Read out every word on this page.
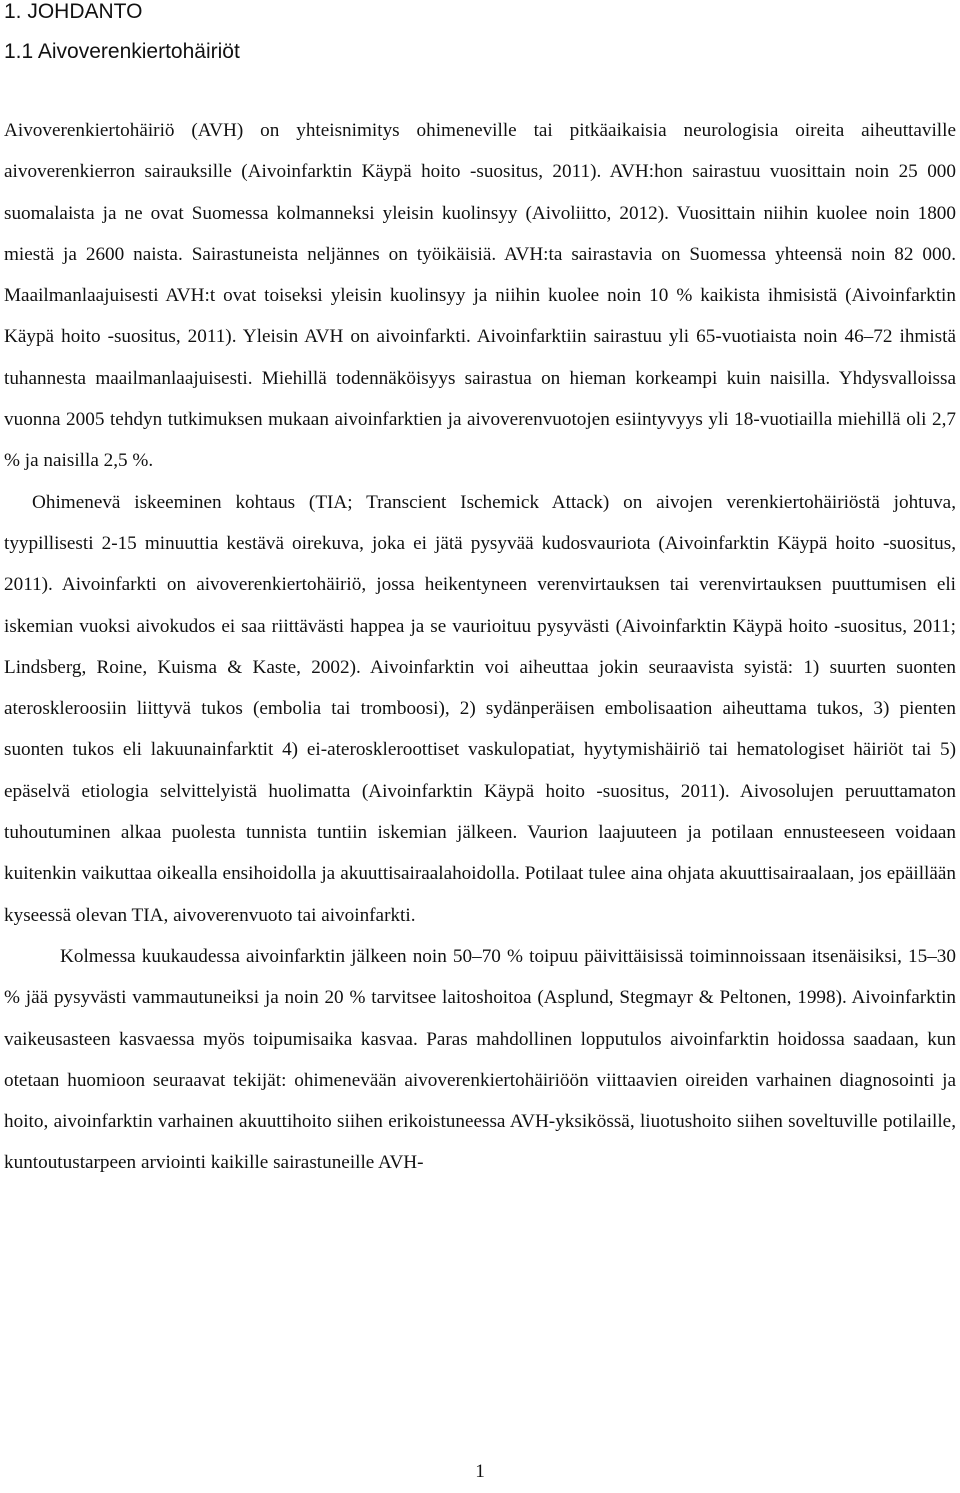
1. JOHDANTO
1.1 Aivoverenkiertohäiriöt

Aivoverenkiertohäiriö (AVH) on yhteisnimitys ohimeneville tai pitkäaikaisia neurologisia oireita aiheuttaville aivoverenkierron sairauksille (Aivoinfarktin Käypä hoito -suositus, 2011). AVH:hon sairastuu vuosittain noin 25 000 suomalaista ja ne ovat Suomessa kolmanneksi yleisin kuolinsyy (Aivoliitto, 2012). Vuosittain niihin kuolee noin 1800 miestä ja 2600 naista. Sairastuneista neljännes on työikäisiä. AVH:ta sairastavia on Suomessa yhteensä noin 82 000. Maailmanlaajuisesti AVH:t ovat toiseksi yleisin kuolinsyy ja niihin kuolee noin 10 % kaikista ihmisistä (Aivoinfarktin Käypä hoito -suositus, 2011). Yleisin AVH on aivoinfarkti. Aivoinfarktiin sairastuu yli 65-vuotiaista noin 46–72 ihmistä tuhannesta maailmanlaajuisesti. Miehillä todennäköisyys sairastua on hieman korkeampi kuin naisilla. Yhdysvalloissa vuonna 2005 tehdyn tutkimuksen mukaan aivoinfarktien ja aivoverenvuotojen esiintyvyys yli 18-vuotiailla miehillä oli 2,7 % ja naisilla 2,5 %.

Ohimenevä iskeeminen kohtaus (TIA; Transcient Ischemick Attack) on aivojen verenkiertohäiriöstä johtuva, tyypillisesti 2-15 minuuttia kestävä oirekuva, joka ei jätä pysyvää kudosvauriota (Aivoinfarktin Käypä hoito -suositus, 2011). Aivoinfarkti on aivoverenkiertohäiriö, jossa heikentyneen verenvirtauksen tai verenvirtauksen puuttumisen eli iskemian vuoksi aivokudos ei saa riittävästi happea ja se vaurioituu pysyvästi (Aivoinfarktin Käypä hoito -suositus, 2011; Lindsberg, Roine, Kuisma & Kaste, 2002). Aivoinfarktin voi aiheuttaa jokin seuraavista syistä: 1) suurten suonten ateroskleroosiin liittyvä tukos (embolia tai tromboosi), 2) sydänperäisen embolisaation aiheuttama tukos, 3) pienten suonten tukos eli lakuunainfarktit 4) ei-ateroskleroottiset vaskulopatiat, hyytymishäiriö tai hematologiset häiriöt tai 5) epäselvä etiologia selvittelyistä huolimatta (Aivoinfarktin Käypä hoito -suositus, 2011). Aivosolujen peruuttamaton tuhoutuminen alkaa puolesta tunnista tuntiin iskemian jälkeen. Vaurion laajuuteen ja potilaan ennusteeseen voidaan kuitenkin vaikuttaa oikealla ensihoidolla ja akuuttisairaalahoidolla. Potilaat tulee aina ohjata akuuttisairaalaan, jos epäillään kyseessä olevan TIA, aivoverenvuoto tai aivoinfarkti.

Kolmessa kuukaudessa aivoinfarktin jälkeen noin 50–70 % toipuu päivittäisissä toiminnoissaan itsenäisiksi, 15–30 % jää pysyvästi vammautuneiksi ja noin 20 % tarvitsee laitoshoitoa (Asplund, Stegmayr & Peltonen, 1998). Aivoinfarktin vaikeusasteen kasvaessa myös toipumisaika kasvaa. Paras mahdollinen lopputulos aivoinfarktin hoidossa saadaan, kun otetaan huomioon seuraavat tekijät: ohimenevään aivoverenkiertohäiriöön viittaavien oireiden varhainen diagnosointi ja hoito, aivoinfarktin varhainen akuuttihoito siihen erikoistuneessa AVH-yksikössä, liuotushoito siihen soveltuville potilaille, kuntoutustarpeen arviointi kaikille sairastuneille AVH-

1
